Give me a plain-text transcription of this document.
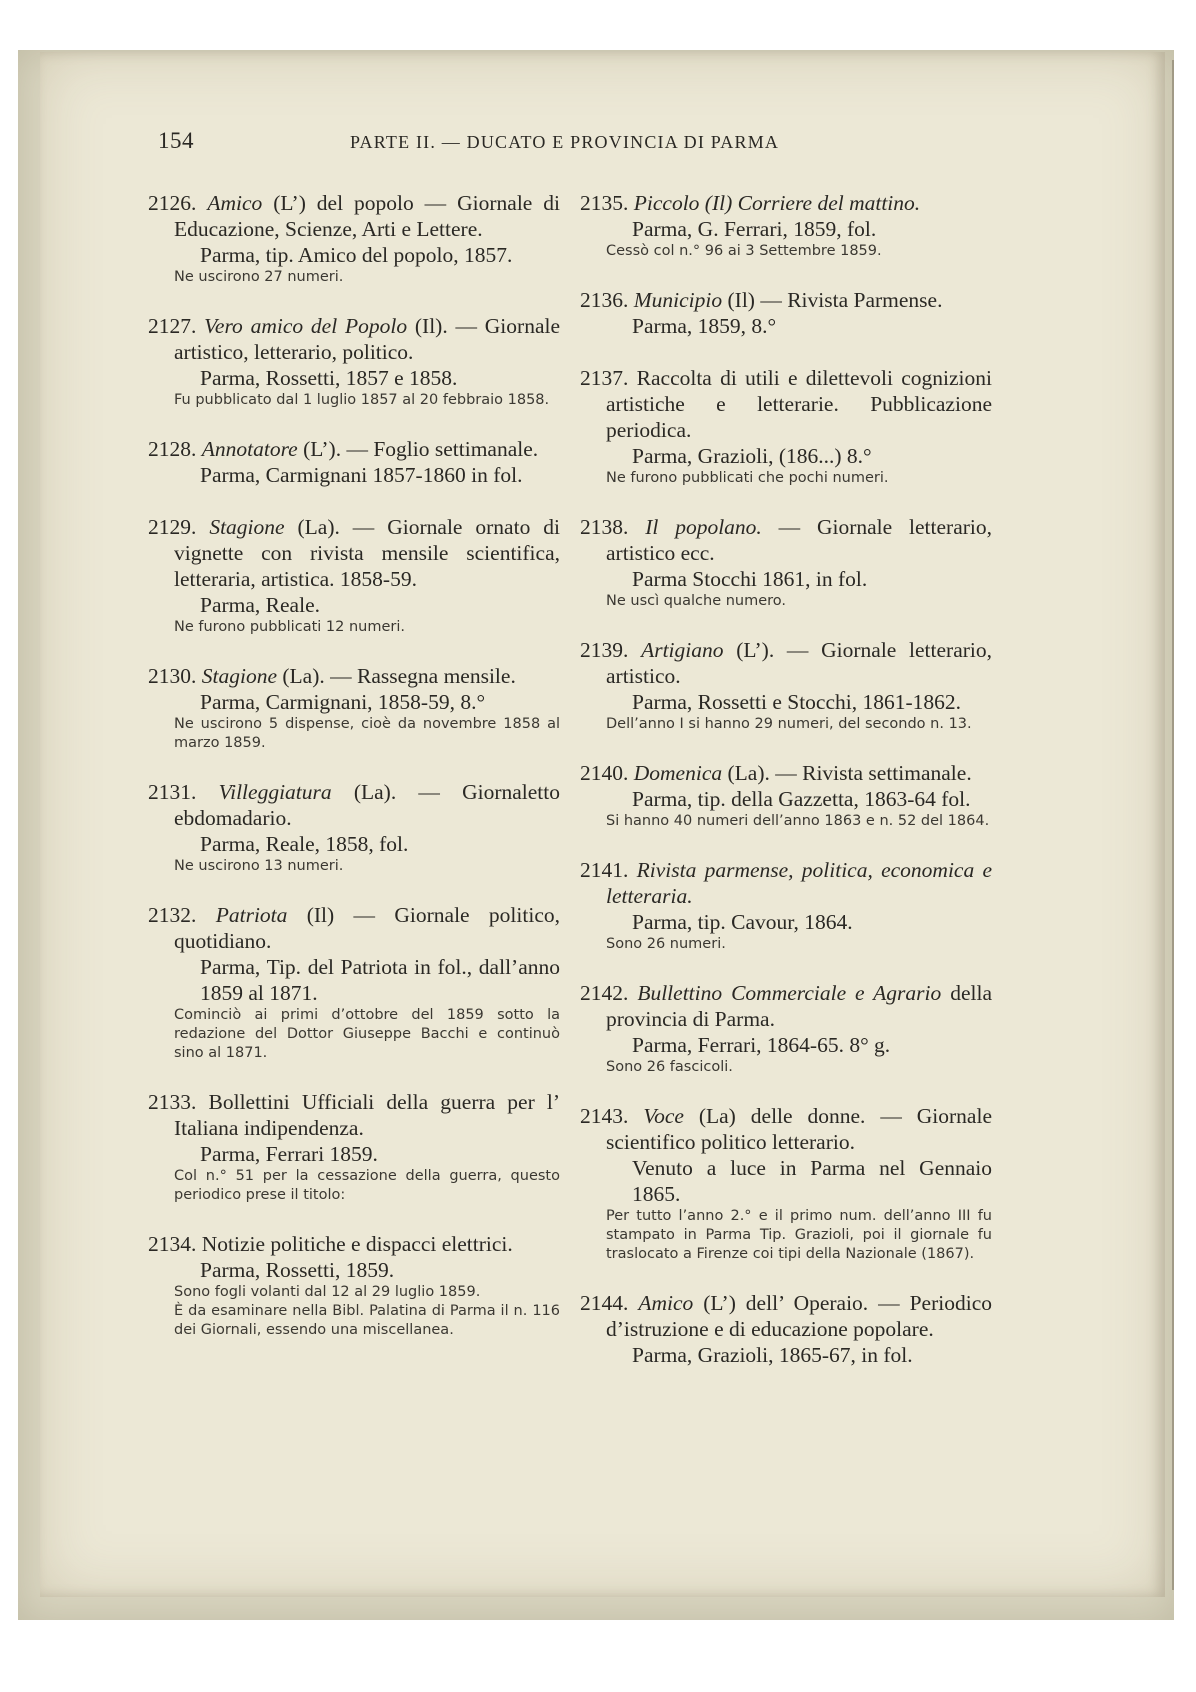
154	PARTE II. — DUCATO E PROVINCIA DI PARMA

2126. Amico (L’) del popolo — Giornale di Educazione, Scienze, Arti e Lettere.

Parma, tip. Amico del popolo, 1857.

Ne uscirono 27 numeri.

2127. Vero amico del Popolo (Il). — Giornale artistico, letterario, politico.

Parma, Rossetti, 1857 e 1858.

Fu pubblicato dal 1 luglio 1857 al 20 febbraio 1858.

2128. Annotatore (L’). — Foglio settimanale.

Parma, Carmignani 1857-1860 in fol.

2129. Stagione (La). — Giornale ornato di vignette con rivista mensile scientifica, letteraria, artistica. 1858-59.

Parma, Reale.

Ne furono pubblicati 12 numeri.

2130. Stagione (La). — Rassegna mensile.

Parma, Carmignani, 1858-59, 8.°

Ne uscirono 5 dispense, cioè da novembre 1858 al marzo 1859.

2131. Villeggiatura (La). — Giornaletto ebdomadario.

Parma, Reale, 1858, fol.

Ne uscirono 13 numeri.

2132. Patriota (Il) — Giornale politico, quotidiano.

Parma, Tip. del Patriota in fol., dall’anno 1859 al 1871.

Cominciò ai primi d’ottobre del 1859 sotto la redazione del Dottor Giuseppe Bacchi e continuò sino al 1871.

2133. Bollettini Ufficiali della guerra per l’ Italiana indipendenza.

Parma, Ferrari 1859.

Col n.° 51 per la cessazione della guerra, questo periodico prese il titolo:

2134. Notizie politiche e dispacci elettrici.

Parma, Rossetti, 1859.

Sono fogli volanti dal 12 al 29 luglio 1859.

È da esaminare nella Bibl. Palatina di Parma il n. 116 dei Giornali, essendo una miscellanea.

2135. Piccolo (Il) Corriere del mattino.

Parma, G. Ferrari, 1859, fol.

Cessò col n.° 96 ai 3 Settembre 1859.

2136. Municipio (Il) — Rivista Parmense.

Parma, 1859, 8.°

2137. Raccolta di utili e dilettevoli cognizioni artistiche e letterarie. Pubblicazione periodica.

Parma, Grazioli, (186...) 8.°

Ne furono pubblicati che pochi numeri.

2138. Il popolano. — Giornale letterario, artistico ecc.

Parma Stocchi 1861, in fol.

Ne uscì qualche numero.

2139. Artigiano (L’). — Giornale letterario, artistico.

Parma, Rossetti e Stocchi, 1861-1862.

Dell’anno I si hanno 29 numeri, del secondo n. 13.

2140. Domenica (La). — Rivista settimanale.

Parma, tip. della Gazzetta, 1863-64 fol.

Si hanno 40 numeri dell’anno 1863 e n. 52 del 1864.

2141. Rivista parmense, politica, economica e letteraria.

Parma, tip. Cavour, 1864.

Sono 26 numeri.

2142. Bullettino Commerciale e Agrario della provincia di Parma.

Parma, Ferrari, 1864-65. 8° g.

Sono 26 fascicoli.

2143. Voce (La) delle donne. — Giornale scientifico politico letterario.

Venuto a luce in Parma nel Gennaio 1865.

Per tutto l’anno 2.° e il primo num. dell’anno III fu stampato in Parma Tip. Grazioli, poi il giornale fu traslocato a Firenze coi tipi della Nazionale (1867).

2144. Amico (L’) dell’ Operaio. — Periodico d’istruzione e di educazione popolare.

Parma, Grazioli, 1865-67, in fol.
